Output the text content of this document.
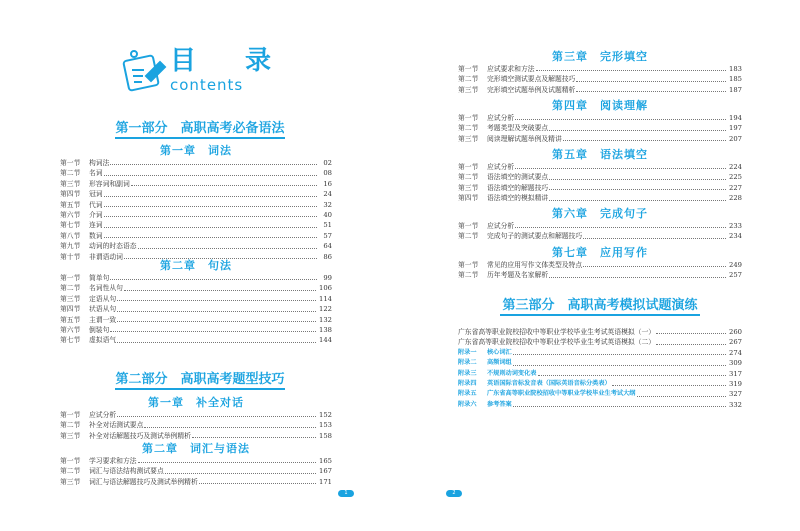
目 录
contents
第一部分　高职高考必备语法
第一章　词法
第一节	构词法	02
第二节	名词	08
第三节	形容词和副词	16
第四节	冠词	24
第五节	代词	32
第六节	介词	40
第七节	连词	51
第八节	数词	57
第九节	动词的时态语态	64
第十节	非谓语动词	86
第二章　句法
第一节	简单句	99
第二节	名词性从句	106
第三节	定语从句	114
第四节	状语从句	122
第五节	主谓一致	132
第六节	倒装句	138
第七节	虚拟语气	144
第二部分　高职高考题型技巧
第一章　补全对话
第一节	应试分析	152
第二节	补全对话测试要点	153
第三节	补全对话解题技巧及测试举例精析	158
第二章　词汇与语法
第一节	学习要求和方法	165
第二节	词汇与语法结构测试要点	167
第三节	词汇与语法解题技巧及测试举例精析	171
第三章　完形填空
第一节	应试要求和方法	183
第二节	完形填空测试要点及解题技巧	185
第三节	完形填空试题举例及试题精析	187
第四章　阅读理解
第一节	应试分析	194
第二节	考题类型及突破要点	197
第三节	阅读理解试题举例及精讲	207
第五章　语法填空
第一节	应试分析	224
第二节	语法填空的测试要点	225
第三节	语法填空的解题技巧	227
第四节	语法填空的模拟精讲	228
第六章　完成句子
第一节	应试分析	233
第二节	完成句子的测试要点和解题技巧	234
第七章　应用写作
第一节	常见的应用写作文体类型及特点	249
第二节	历年考题及名家解析	257
第三部分　高职高考模拟试题演练
广东省高等职业院校招收中等职业学校毕业生考试英语模拟（一）	260
广东省高等职业院校招收中等职业学校毕业生考试英语模拟（二）	267
附录一	核心词汇	274
附录二	高频词组	309
附录三	不规则动词变化表	317
附录四	英语国际音标发音表（国际英语音标分类表）	319
附录五	广东省高等职业院校招收中等职业学校毕业生考试大纲	327
附录六	参考答案	332
1	2
